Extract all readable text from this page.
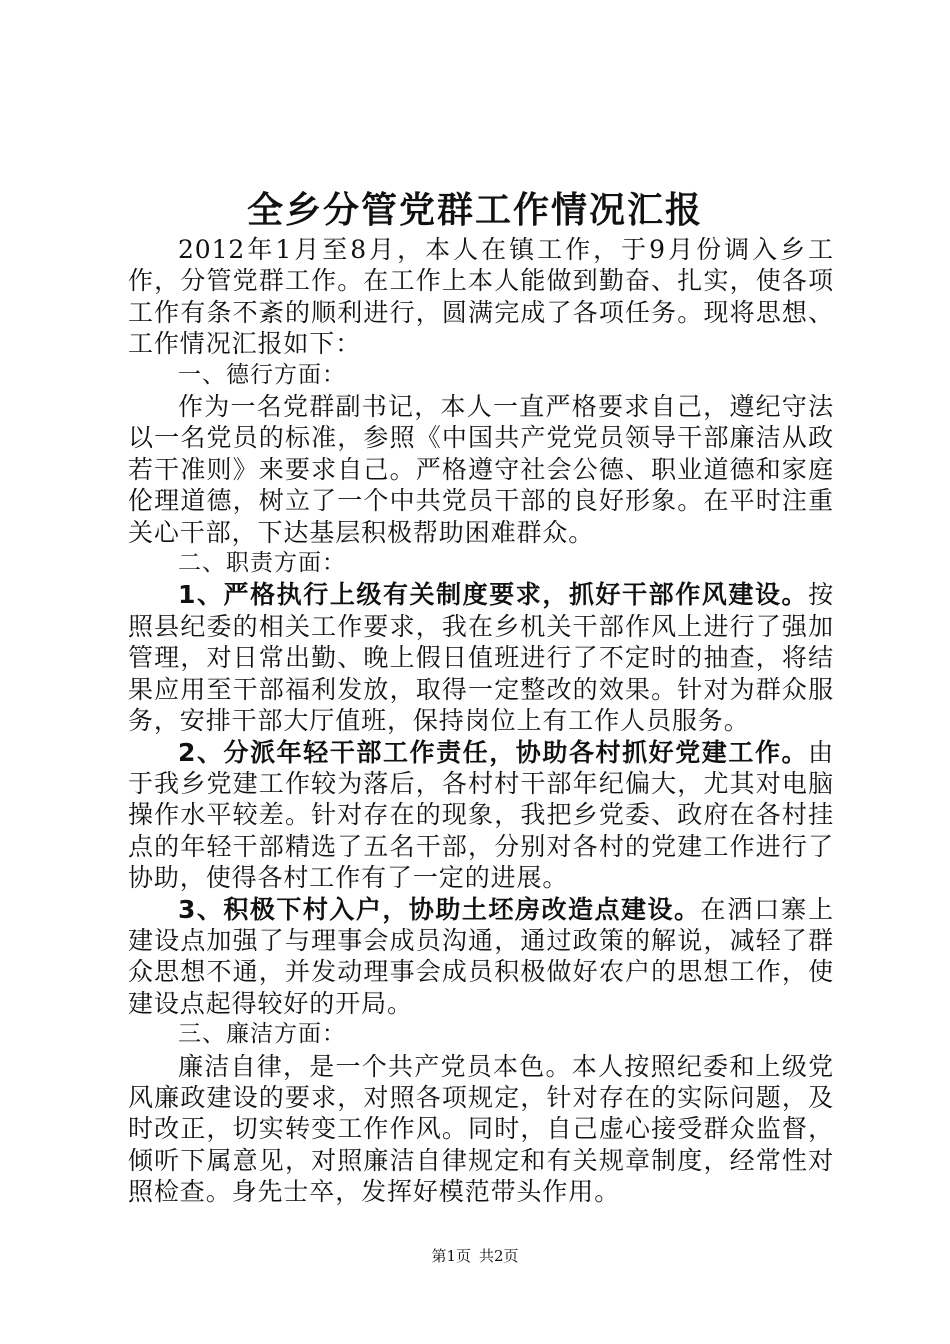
全乡分管党群工作情况汇报

2012年1月至8月，本人在镇工作，于9月份调入乡工作，分管党群工作。在工作上本人能做到勤奋、扎实，使各项工作有条不紊的顺利进行，圆满完成了各项任务。现将思想、工作情况汇报如下：

一、德行方面：

作为一名党群副书记，本人一直严格要求自己，遵纪守法以一名党员的标准，参照《中国共产党党员领导干部廉洁从政若干准则》来要求自己。严格遵守社会公德、职业道德和家庭伦理道德，树立了一个中共党员干部的良好形象。在平时注重关心干部，下达基层积极帮助困难群众。

二、职责方面：

1、严格执行上级有关制度要求，抓好干部作风建设。按照县纪委的相关工作要求，我在乡机关干部作风上进行了强加管理，对日常出勤、晚上假日值班进行了不定时的抽查，将结果应用至干部福利发放，取得一定整改的效果。针对为群众服务，安排干部大厅值班，保持岗位上有工作人员服务。

2、分派年轻干部工作责任，协助各村抓好党建工作。由于我乡党建工作较为落后，各村村干部年纪偏大，尤其对电脑操作水平较差。针对存在的现象，我把乡党委、政府在各村挂点的年轻干部精选了五名干部，分别对各村的党建工作进行了协助，使得各村工作有了一定的进展。

3、积极下村入户，协助土坯房改造点建设。在洒口寨上建设点加强了与理事会成员沟通，通过政策的解说，减轻了群众思想不通，并发动理事会成员积极做好农户的思想工作，使建设点起得较好的开局。

三、廉洁方面：

廉洁自律，是一个共产党员本色。本人按照纪委和上级党风廉政建设的要求，对照各项规定，针对存在的实际问题，及时改正，切实转变工作作风。同时，自己虚心接受群众监督，倾听下属意见，对照廉洁自律规定和有关规章制度，经常性对照检查。身先士卒，发挥好模范带头作用。

第1页 共2页
